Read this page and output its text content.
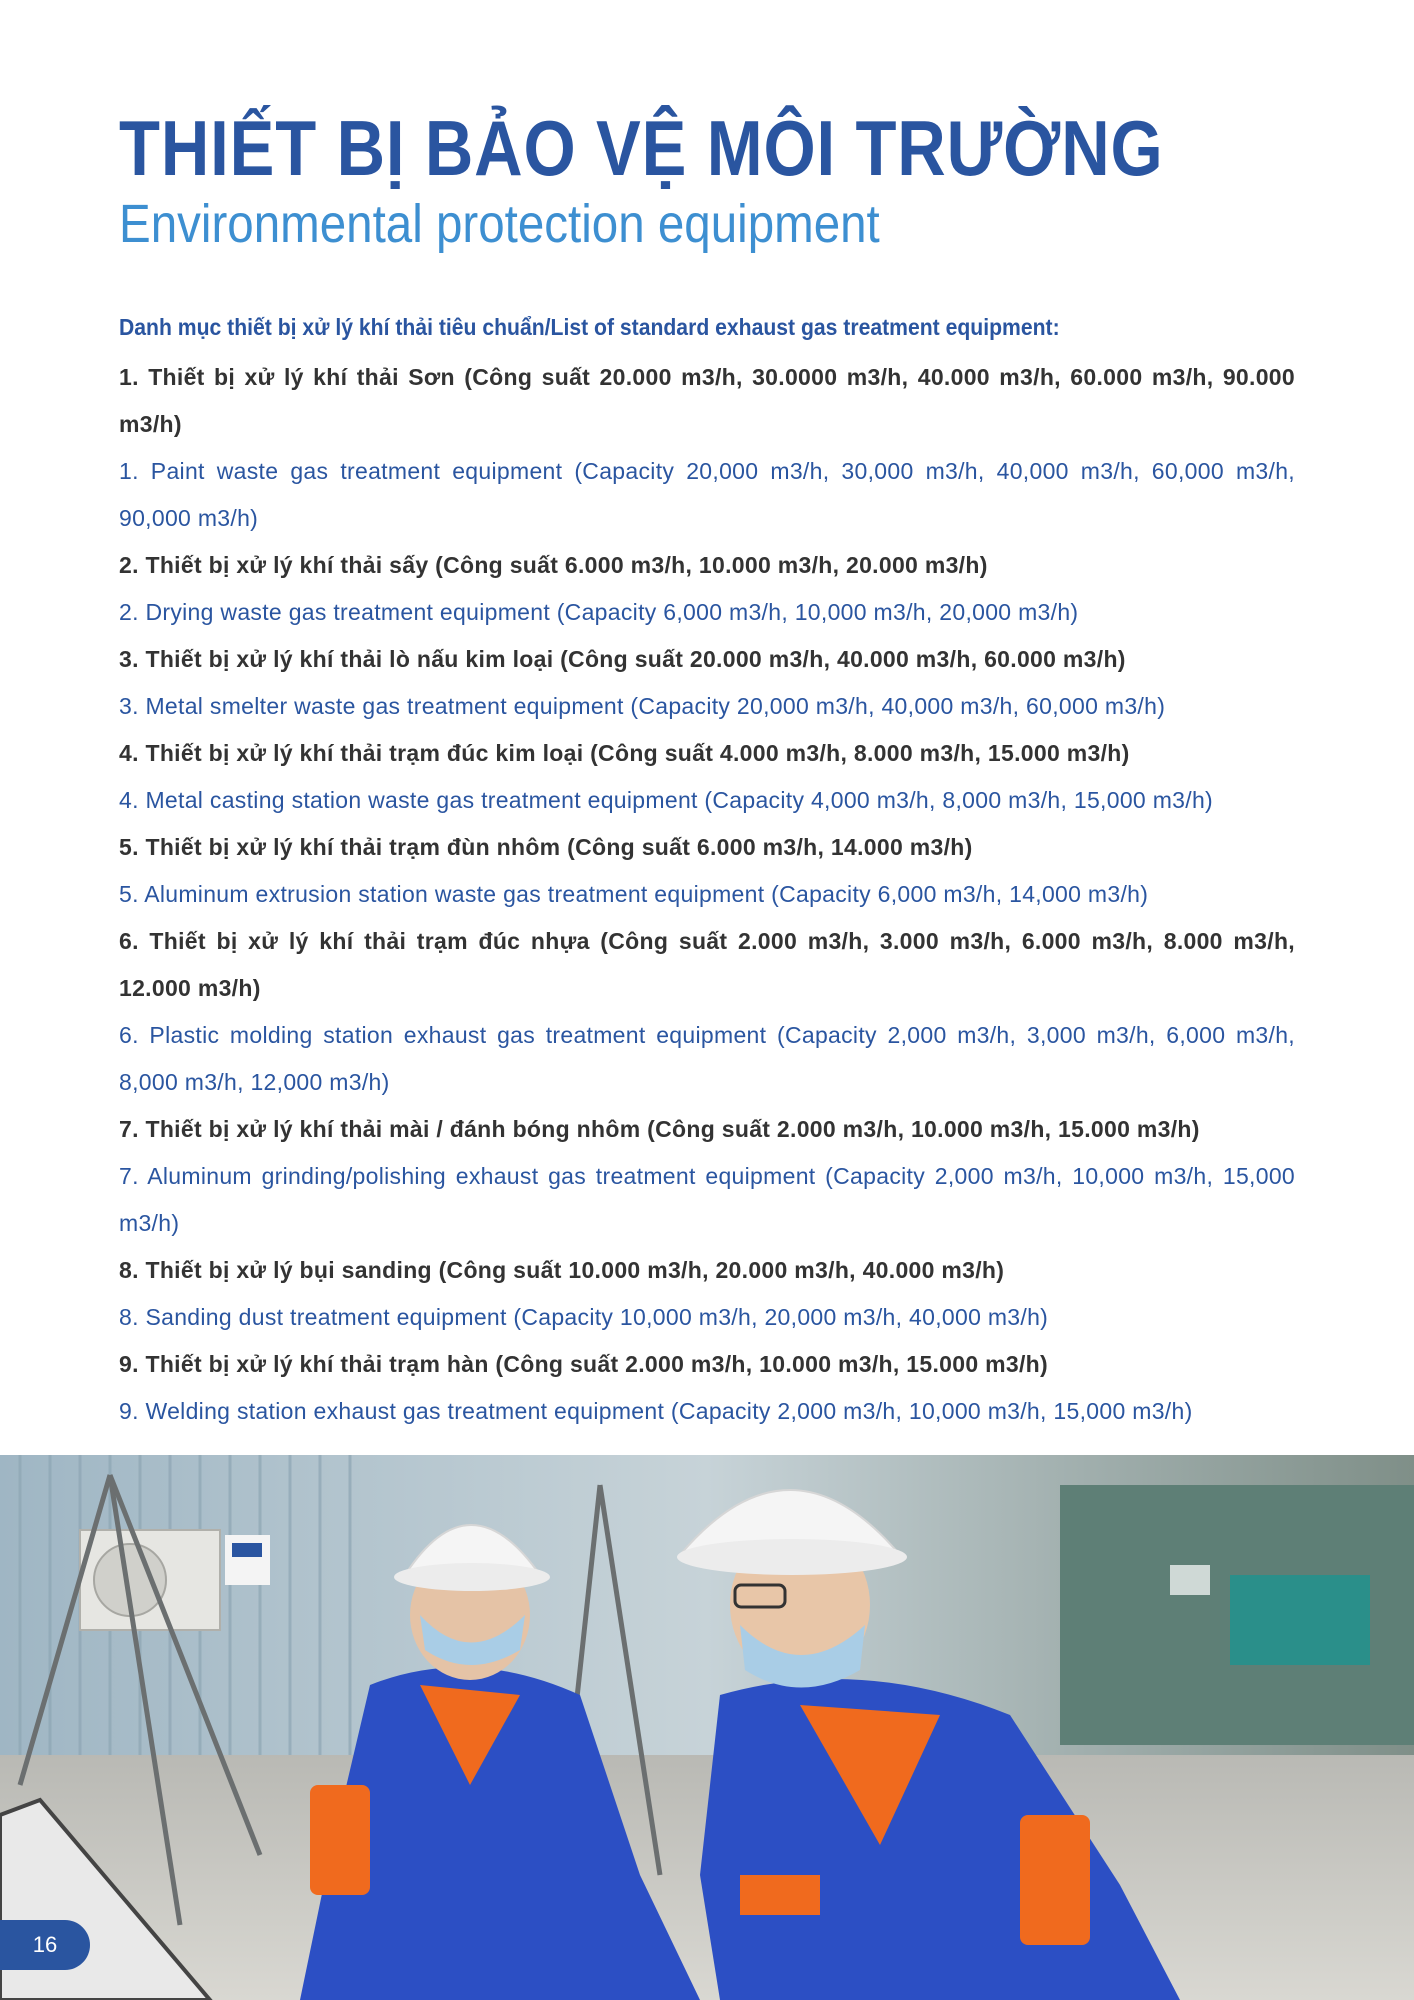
THIẾT BỊ BẢO VỆ MÔI TRƯỜNG
Environmental protection equipment
Danh mục thiết bị xử lý khí thải tiêu chuẩn/List of standard exhaust gas treatment equipment:

1. Thiết bị xử lý khí thải Sơn (Công suất 20.000 m3/h, 30.0000 m3/h, 40.000 m3/h, 60.000 m3/h, 90.000 m3/h)

1. Paint waste gas treatment equipment (Capacity 20,000 m3/h, 30,000 m3/h, 40,000 m3/h, 60,000 m3/h, 90,000 m3/h)

2. Thiết bị xử lý khí thải sấy (Công suất 6.000 m3/h, 10.000 m3/h, 20.000 m3/h)

2. Drying waste gas treatment equipment (Capacity 6,000 m3/h, 10,000 m3/h, 20,000 m3/h)

3. Thiết bị xử lý khí thải lò nấu kim loại (Công suất 20.000 m3/h, 40.000 m3/h, 60.000 m3/h)

3. Metal smelter waste gas treatment equipment (Capacity 20,000 m3/h, 40,000 m3/h, 60,000 m3/h)

4. Thiết bị xử lý khí thải trạm đúc kim loại (Công suất 4.000 m3/h, 8.000 m3/h, 15.000 m3/h)

4. Metal casting station waste gas treatment equipment (Capacity 4,000 m3/h, 8,000 m3/h, 15,000 m3/h)

5. Thiết bị xử lý khí thải trạm đùn nhôm (Công suất 6.000 m3/h, 14.000 m3/h)

5. Aluminum extrusion station waste gas treatment equipment (Capacity 6,000 m3/h, 14,000 m3/h)

6. Thiết bị xử lý khí thải trạm đúc nhựa (Công suất 2.000 m3/h, 3.000 m3/h, 6.000 m3/h, 8.000 m3/h, 12.000 m3/h)

6. Plastic molding station exhaust gas treatment equipment (Capacity 2,000 m3/h, 3,000 m3/h, 6,000 m3/h, 8,000 m3/h, 12,000 m3/h)

7. Thiết bị xử lý khí thải mài / đánh bóng nhôm (Công suất 2.000 m3/h, 10.000 m3/h, 15.000 m3/h)

7. Aluminum grinding/polishing exhaust gas treatment equipment (Capacity 2,000 m3/h, 10,000 m3/h, 15,000 m3/h)

8. Thiết bị xử lý bụi sanding (Công suất 10.000 m3/h, 20.000 m3/h, 40.000 m3/h)

8. Sanding dust treatment equipment (Capacity 10,000 m3/h, 20,000 m3/h, 40,000 m3/h)

9. Thiết bị xử lý khí thải trạm hàn (Công suất 2.000 m3/h, 10.000 m3/h, 15.000 m3/h)

9. Welding station exhaust gas treatment equipment (Capacity 2,000 m3/h, 10,000 m3/h, 15,000 m3/h)

16
